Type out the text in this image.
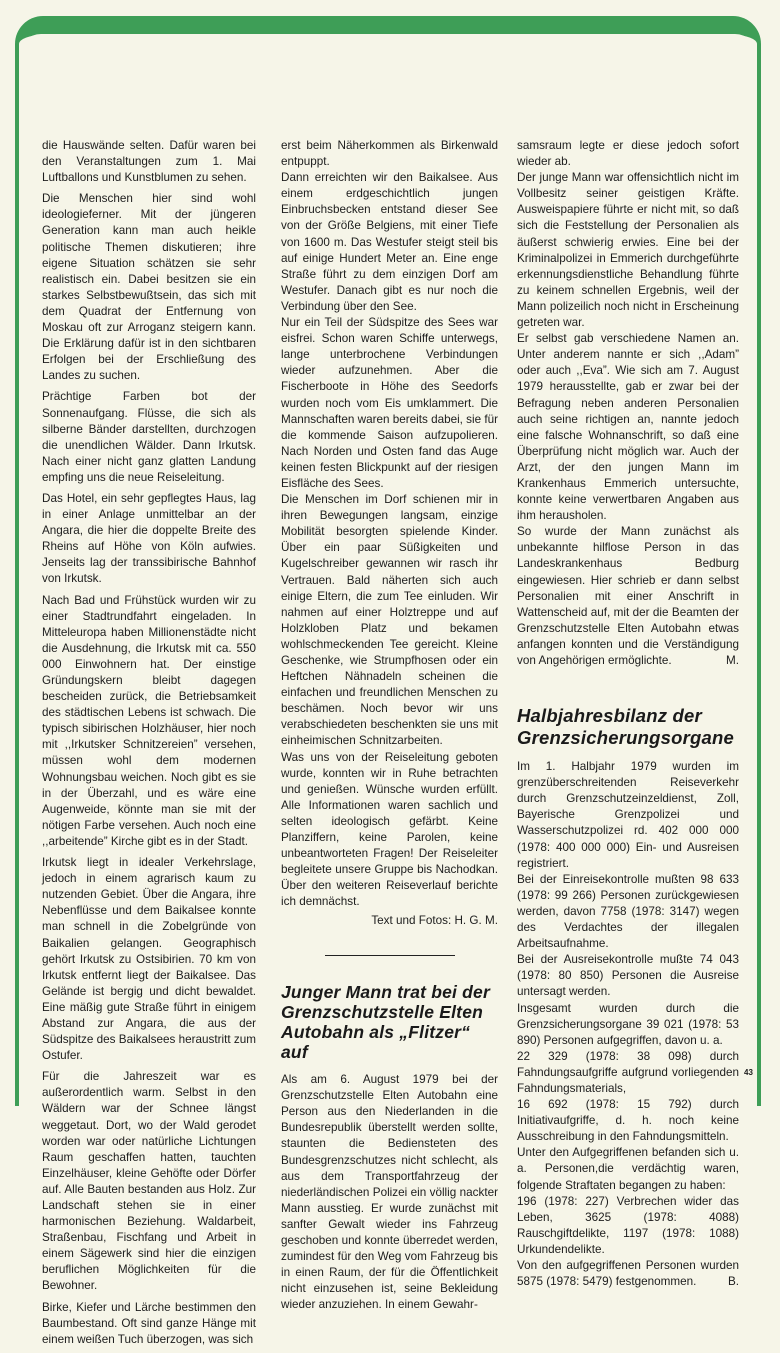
die Hauswände selten. Dafür waren bei den Veranstaltungen zum 1. Mai Luftballons und Kunstblumen zu sehen.

Die Menschen hier sind wohl ideologieferner. Mit der jüngeren Generation kann man auch heikle politische Themen diskutieren; ihre eigene Situation schätzen sie sehr realistisch ein. Dabei besitzen sie ein starkes Selbstbewußtsein, das sich mit dem Quadrat der Entfernung von Moskau oft zur Arroganz steigern kann. Die Erklärung dafür ist in den sichtbaren Erfolgen bei der Erschließung des Landes zu suchen.

Prächtige Farben bot der Sonnenaufgang. Flüsse, die sich als silberne Bänder darstellten, durchzogen die unendlichen Wälder. Dann Irkutsk. Nach einer nicht ganz glatten Landung empfing uns die neue Reiseleitung.

Das Hotel, ein sehr gepflegtes Haus, lag in einer Anlage unmittelbar an der Angara, die hier die doppelte Breite des Rheins auf Höhe von Köln aufwies. Jenseits lag der transsibirische Bahnhof von Irkutsk.

Nach Bad und Frühstück wurden wir zu einer Stadtrundfahrt eingeladen. In Mitteleuropa haben Millionenstädte nicht die Ausdehnung, die Irkutsk mit ca. 550 000 Einwohnern hat. Der einstige Gründungskern bleibt dagegen bescheiden zurück, die Betriebsamkeit des städtischen Lebens ist schwach. Die typisch sibirischen Holzhäuser, hier noch mit ,,Irkutsker Schnitzereien” versehen, müssen wohl dem modernen Wohnungsbau weichen. Noch gibt es sie in der Überzahl, und es wäre eine Augenweide, könnte man sie mit der nötigen Farbe versehen. Auch noch eine ,,arbeitende” Kirche gibt es in der Stadt.

Irkutsk liegt in idealer Verkehrslage, jedoch in einem agrarisch kaum zu nutzenden Gebiet. Über die Angara, ihre Nebenflüsse und dem Baikalsee konnte man schnell in die Zobelgründe von Baikalien gelangen. Geographisch gehört Irkutsk zu Ostsibirien. 70 km von Irkutsk entfernt liegt der Baikalsee. Das Gelände ist bergig und dicht bewaldet. Eine mäßig gute Straße führt in einigem Abstand zur Angara, die aus der Südspitze des Baikalsees heraustritt zum Ostufer.

Für die Jahreszeit war es außerordentlich warm. Selbst in den Wäldern war der Schnee längst weggetaut. Dort, wo der Wald gerodet worden war oder natürliche Lichtungen Raum geschaffen hatten, tauchten Einzelhäuser, kleine Gehöfte oder Dörfer auf. Alle Bauten bestanden aus Holz. Zur Landschaft stehen sie in einer harmonischen Beziehung. Waldarbeit, Straßenbau, Fischfang und Arbeit in einem Sägewerk sind hier die einzigen beruflichen Möglichkeiten für die Bewohner.

Birke, Kiefer und Lärche bestimmen den Baumbestand. Oft sind ganze Hänge mit einem weißen Tuch überzogen, was sich

erst beim Näherkommen als Birkenwald entpuppt.

Dann erreichten wir den Baikalsee. Aus einem erdgeschichtlich jungen Einbruchsbecken entstand dieser See von der Größe Belgiens, mit einer Tiefe von 1600 m. Das Westufer steigt steil bis auf einige Hundert Meter an. Eine enge Straße führt zu dem einzigen Dorf am Westufer. Danach gibt es nur noch die Verbindung über den See.

Nur ein Teil der Südspitze des Sees war eisfrei. Schon waren Schiffe unterwegs, lange unterbrochene Verbindungen wieder aufzunehmen. Aber die Fischerboote in Höhe des Seedorfs wurden noch vom Eis umklammert. Die Mannschaften waren bereits dabei, sie für die kommende Saison aufzupolieren. Nach Norden und Osten fand das Auge keinen festen Blickpunkt auf der riesigen Eisfläche des Sees.

Die Menschen im Dorf schienen mir in ihren Bewegungen langsam, einzige Mobilität besorgten spielende Kinder. Über ein paar Süßigkeiten und Kugelschreiber gewannen wir rasch ihr Vertrauen. Bald näherten sich auch einige Eltern, die zum Tee einluden. Wir nahmen auf einer Holztreppe und auf Holzkloben Platz und bekamen wohlschmeckenden Tee gereicht. Kleine Geschenke, wie Strumpfhosen oder ein Heftchen Nähnadeln scheinen die einfachen und freundlichen Menschen zu beschämen. Noch bevor wir uns verabschiedeten beschenkten sie uns mit einheimischen Schnitzarbeiten.

Was uns von der Reiseleitung geboten wurde, konnten wir in Ruhe betrachten und genießen. Wünsche wurden erfüllt. Alle Informationen waren sachlich und selten ideologisch gefärbt. Keine Planziffern, keine Parolen, keine unbeantworteten Fragen! Der Reiseleiter begleitete unsere Gruppe bis Nachodkan. Über den weiteren Reiseverlauf berichte ich demnächst.

Text und Fotos: H. G. M.

Junger Mann trat bei der Grenzschutzstelle Elten Autobahn als „Flitzer“ auf

Als am 6. August 1979 bei der Grenzschutzstelle Elten Autobahn eine Person aus den Niederlanden in die Bundesrepublik überstellt werden sollte, staunten die Bediensteten des Bundesgrenzschutzes nicht schlecht, als aus dem Transportfahrzeug der niederländischen Polizei ein völlig nackter Mann ausstieg. Er wurde zunächst mit sanfter Gewalt wieder ins Fahrzeug geschoben und konnte überredet werden, zumindest für den Weg vom Fahrzeug bis in einen Raum, der für die Öffentlichkeit nicht einzusehen ist, seine Bekleidung wieder anzuziehen. In einem Gewahr-

samsraum legte er diese jedoch sofort wieder ab.

Der junge Mann war offensichtlich nicht im Vollbesitz seiner geistigen Kräfte. Ausweispapiere führte er nicht mit, so daß sich die Feststellung der Personalien als äußerst schwierig erwies. Eine bei der Kriminalpolizei in Emmerich durchgeführte erkennungsdienstliche Behandlung führte zu keinem schnellen Ergebnis, weil der Mann polizeilich noch nicht in Erscheinung getreten war.

Er selbst gab verschiedene Namen an. Unter anderem nannte er sich ,,Adam” oder auch ,,Eva”. Wie sich am 7. August 1979 herausstellte, gab er zwar bei der Befragung neben anderen Personalien auch seine richtigen an, nannte jedoch eine falsche Wohnanschrift, so daß eine Überprüfung nicht möglich war. Auch der Arzt, der den jungen Mann im Krankenhaus Emmerich untersuchte, konnte keine verwertbaren Angaben aus ihm herausholen.

So wurde der Mann zunächst als unbekannte hilflose Person in das Landeskrankenhaus Bedburg eingewiesen. Hier schrieb er dann selbst Personalien mit einer Anschrift in Wattenscheid auf, mit der die Beamten der Grenzschutzstelle Elten Autobahn etwas anfangen konnten und die Verständigung von Angehörigen ermöglichte.	M.

Halbjahresbilanz der Grenzsicherungsorgane

Im 1. Halbjahr 1979 wurden im grenzüberschreitenden Reiseverkehr durch Grenzschutzeinzeldienst, Zoll, Bayerische Grenzpolizei und Wasserschutzpolizei rd. 402 000 000 (1978: 400 000 000) Ein- und Ausreisen registriert.

Bei der Einreisekontrolle mußten 98 633 (1978: 99 266) Personen zurückgewiesen werden, davon 7758 (1978: 3147) wegen des Verdachtes der illegalen Arbeitsaufnahme.

Bei der Ausreisekontrolle mußte 74 043 (1978: 80 850) Personen die Ausreise untersagt werden.

Insgesamt wurden durch die Grenzsicherungsorgane 39 021 (1978: 53 890) Personen aufgegriffen, davon u. a.

22 329 (1978: 38 098) durch Fahndungsaufgriffe aufgrund vorliegenden Fahndungsmaterials,

16 692 (1978: 15 792) durch Initiativaufgriffe, d. h. noch keine Ausschreibung in den Fahndungsmitteln.

Unter den Aufgegriffenen befanden sich u. a. Personen,die verdächtig waren, folgende Straftaten begangen zu haben:

196 (1978: 227) Verbrechen wider das Leben, 3625 (1978: 4088) Rauschgiftdelikte, 1197 (1978: 1088) Urkundendelikte.

Von den aufgegriffenen Personen wurden 5875 (1978: 5479) festgenommen.	B.

43
